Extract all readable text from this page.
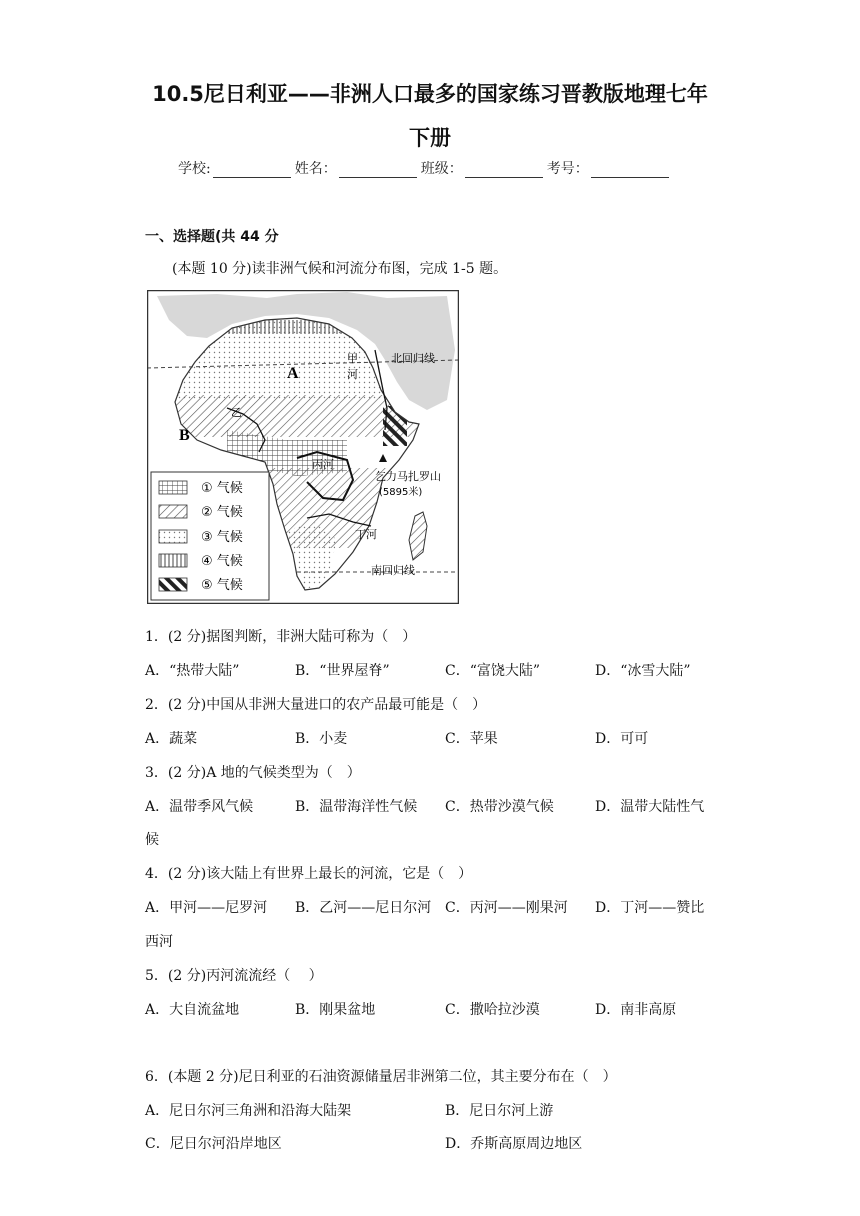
10.5尼日利亚——非洲人口最多的国家练习晋教版地理七年
下册
学校:	姓名：	班级：	考号：
一、选择题(共 44 分
(本题 10 分)读非洲气候和河流分布图，完成 1-5 题。
A
B
甲
河
乙
丙河
丁河
北回归线
南回归线
乞力马扎罗山
(5895米)
① 气候
② 气候
③ 气候
④ 气候
⑤ 气候
1．(2 分)据图判断，非洲大陆可称为（　）
A．“热带大陆”	B．“世界屋脊”	C．“富饶大陆”	D．“冰雪大陆”
2．(2 分)中国从非洲大量进口的农产品最可能是（　）
A．蔬菜	B．小麦	C．苹果	D．可可
3．(2 分)A 地的气候类型为（　）
A．温带季风气候	B．温带海洋性气候 C．热带沙漠气候	D．温带大陆性气
候
4．(2 分)该大陆上有世界上最长的河流，它是（　）
A．甲河——尼罗河 B．乙河——尼日尔河 C．丙河——刚果河 D．丁河——赞比
西河
5．(2 分)丙河流流经（　 ）
A．大自流盆地	B．刚果盆地	C．撒哈拉沙漠	D．南非高原
6．(本题 2 分)尼日利亚的石油资源储量居非洲第二位，其主要分布在（　）
A．尼日尔河三角洲和沿海大陆架	B．尼日尔河上游
C．尼日尔河沿岸地区	D．乔斯高原周边地区
